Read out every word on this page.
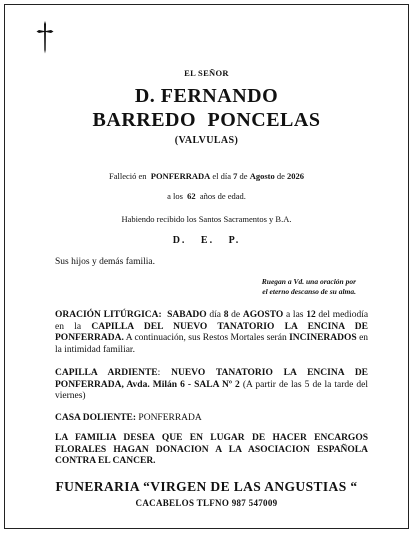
EL SEÑOR
D. FERNANDO
BARREDO PONCELAS
(VALVULAS)
Falleció en PONFERRADA el día 7 de Agosto de 2026
a los 62 años de edad.
Habiendo recibido los Santos Sacramentos y B.A.
D. E. P.
Sus hijos y demás familia.
Ruegan a Vd. una oración por
el eterno descanso de su alma.
ORACIÓN LITÚRGICA: SABADO día 8 de AGOSTO a las 12 del mediodía en la CAPILLA DEL NUEVO TANATORIO LA ENCINA DE PONFERRADA. A continuación, sus Restos Mortales serán INCINERADOS en la intimidad familiar.
CAPILLA ARDIENTE: NUEVO TANATORIO LA ENCINA DE PONFERRADA, Avda. Milán 6 - SALA Nº 2 (A partir de las 5 de la tarde del viernes)
CASA DOLIENTE: PONFERRADA
LA FAMILIA DESEA QUE EN LUGAR DE HACER ENCARGOS FLORALES HAGAN DONACION A LA ASOCIACION ESPAÑOLA CONTRA EL CANCER.
FUNERARIA “VIRGEN DE LAS ANGUSTIAS “
CACABELOS TLFNO 987 547009
